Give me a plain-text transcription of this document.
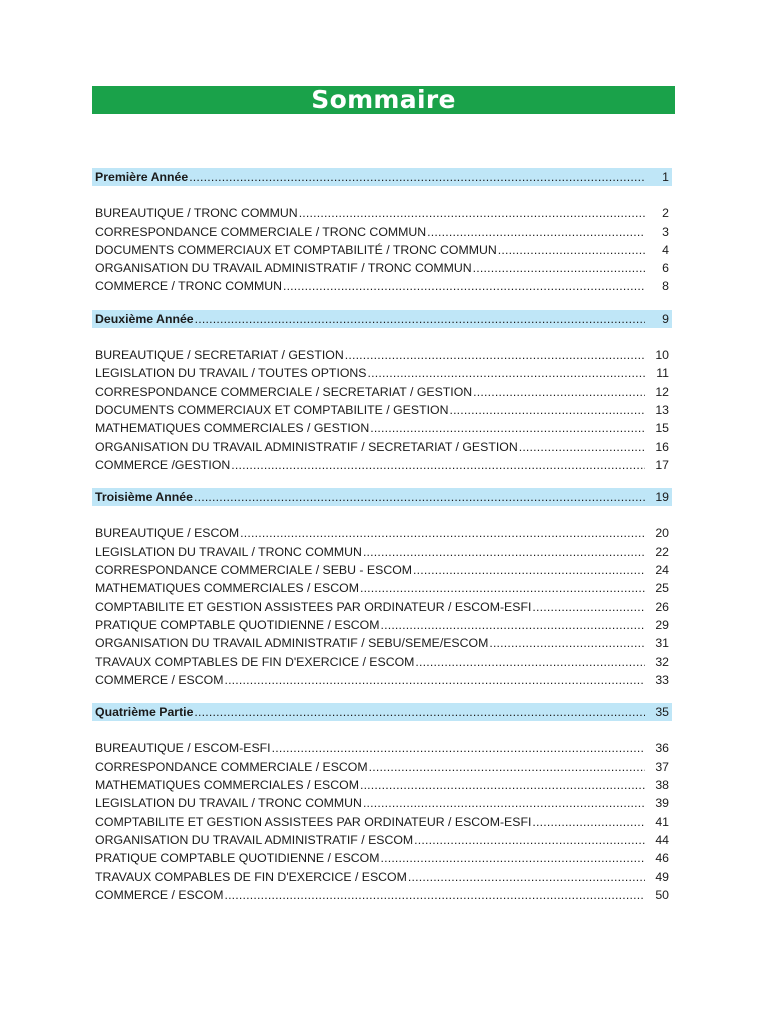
Sommaire
Première Année .....	1
BUREAUTIQUE / TRONC COMMUN .....	2
CORRESPONDANCE COMMERCIALE / TRONC COMMUN .....	3
DOCUMENTS COMMERCIAUX ET COMPTABILITÉ / TRONC COMMUN .....	4
ORGANISATION DU TRAVAIL ADMINISTRATIF / TRONC COMMUN .....	6
COMMERCE / TRONC COMMUN .....	8
Deuxième Année .....	9
BUREAUTIQUE / SECRETARIAT / GESTION .....	10
LEGISLATION DU TRAVAIL / TOUTES OPTIONS .....	11
CORRESPONDANCE COMMERCIALE / SECRETARIAT / GESTION .....	12
DOCUMENTS COMMERCIAUX ET COMPTABILITE / GESTION .....	13
MATHEMATIQUES COMMERCIALES / GESTION .....	15
ORGANISATION DU TRAVAIL ADMINISTRATIF / SECRETARIAT / GESTION .....	16
COMMERCE /GESTION .....	17
Troisième Année .....	19
BUREAUTIQUE / ESCOM .....	20
LEGISLATION DU TRAVAIL / TRONC COMMUN .....	22
CORRESPONDANCE COMMERCIALE / SEBU - ESCOM .....	24
MATHEMATIQUES COMMERCIALES / ESCOM .....	25
COMPTABILITE ET GESTION ASSISTEES PAR ORDINATEUR / ESCOM-ESFI .....	26
PRATIQUE COMPTABLE QUOTIDIENNE / ESCOM .....	29
ORGANISATION DU TRAVAIL ADMINISTRATIF / SEBU/SEME/ESCOM .....	31
TRAVAUX COMPTABLES DE FIN D'EXERCICE / ESCOM .....	32
COMMERCE / ESCOM .....	33
Quatrième Partie .....	35
BUREAUTIQUE / ESCOM-ESFI .....	36
CORRESPONDANCE COMMERCIALE / ESCOM .....	37
MATHEMATIQUES COMMERCIALES / ESCOM .....	38
LEGISLATION DU TRAVAIL / TRONC COMMUN .....	39
COMPTABILITE ET GESTION ASSISTEES PAR ORDINATEUR / ESCOM-ESFI .....	41
ORGANISATION DU TRAVAIL ADMINISTRATIF / ESCOM .....	44
PRATIQUE COMPTABLE QUOTIDIENNE / ESCOM .....	46
TRAVAUX COMPABLES DE FIN D'EXERCICE / ESCOM .....	49
COMMERCE / ESCOM .....	50
